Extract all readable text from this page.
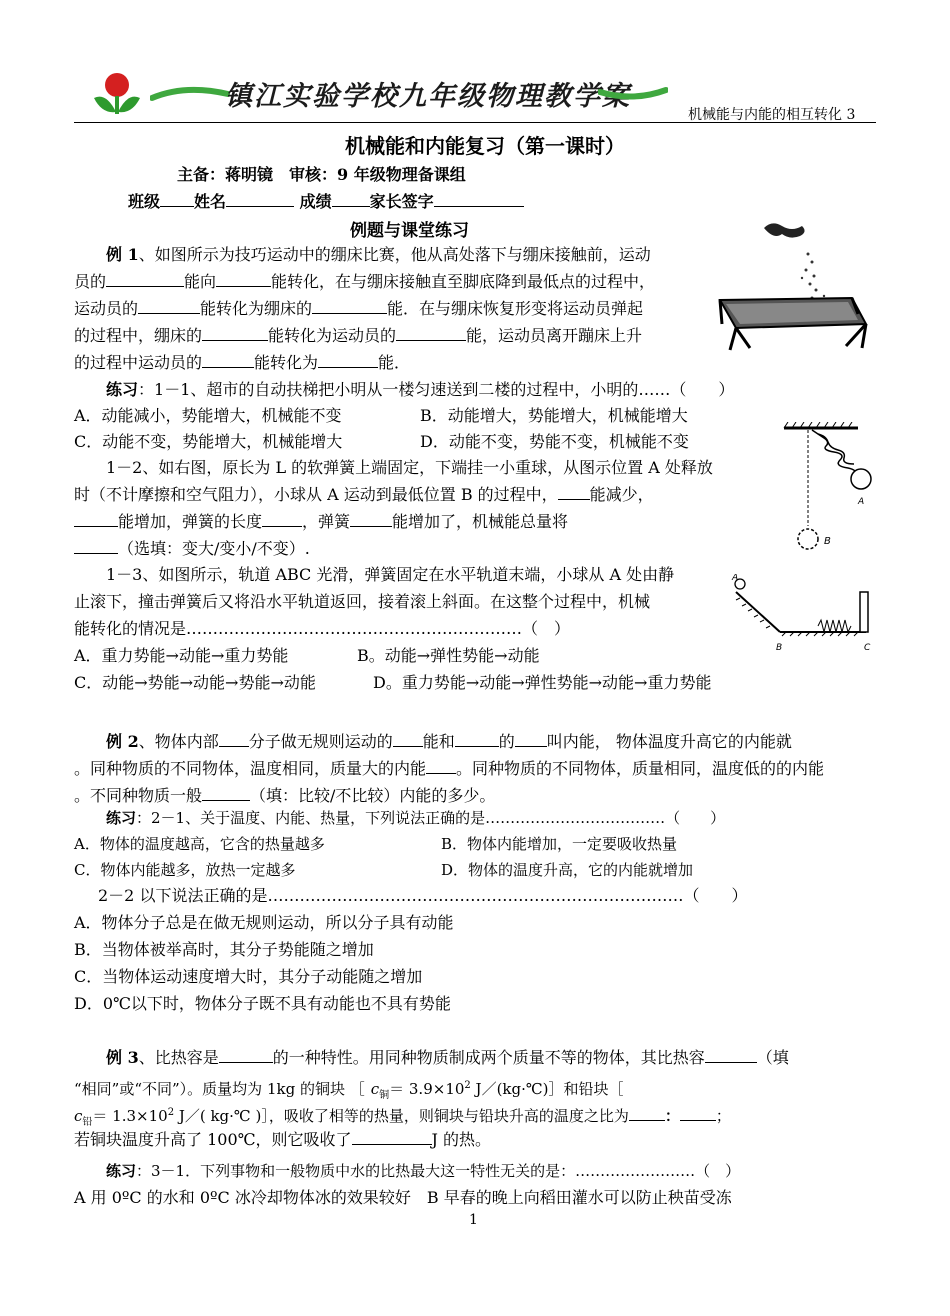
镇江实验学校九年级物理教学案
机械能与内能的相互转化 3
机械能和内能复习（第一课时）
主备：蒋明镜　审核：9 年级物理备课组
班级 姓名	成绩 家长签字
例题与课堂练习
例 1、如图所示为技巧运动中的绷床比赛，他从高处落下与绷床接触前，运动
员的	能向	能转化，在与绷床接触直至脚底降到最低点的过程中，
运动员的	能转化为绷床的	能．在与绷床恢复形变将运动员弹起
的过程中，绷床的	能转化为运动员的	能，运动员离开蹦床上升
的过程中运动员的	能转化为	能．
练习：1－1、超市的自动扶梯把小明从一楼匀速送到二楼的过程中，小明的……（　　）
A．动能减小，势能增大，机械能不变	B．动能增大，势能增大，机械能增大
C．动能不变，势能增大，机械能增大	D．动能不变，势能不变，机械能不变
1－2、如右图，原长为 L 的软弹簧上端固定，下端挂一小重球，从图示位置 A 处释放
时（不计摩擦和空气阻力），小球从 A 运动到最低位置 B 的过程中， 能减少，
能增加，弹簧的长度	，弹簧	能增加了，机械能总量将
（选填：变大/变小/不变）.
A
B
1－3、如图所示，轨道 ABC 光滑，弹簧固定在水平轨道末端，小球从 A 处由静
止滚下，撞击弹簧后又将沿水平轨道返回，接着滚上斜面。在这整个过程中，机械
能转化的情况是………………………………………………………（　）
A．重力势能→动能→重力势能	B。动能→弹性势能→动能
C．动能→势能→动能→势能→动能	D。重力势能→动能→弹性势能→动能→重力势能
A
B	C
例 2、物体内部 分子做无规则运动的 能和	的 叫内能， 物体温度升高它的内能就
。同种物质的不同物体，温度相同，质量大的内能 。同种物质的不同物体，质量相同，温度低的的内能
。不同种物质一般	（填：比较/不比较）内能的多少。
练习：2－1、关于温度、内能、热量，下列说法正确的是………………………………（　　）
A．物体的温度越高，它含的热量越多	B．物体内能增加，一定要吸收热量
C．物体内能越多，放热一定越多	D．物体的温度升高，它的内能就增加
2－2 以下说法正确的是……………………………………………………………………（　　）
A．物体分子总是在做无规则运动，所以分子具有动能
B．当物体被举高时，其分子势能随之增加
C．当物体运动速度增大时，其分子动能随之增加
D．0℃以下时，物体分子既不具有动能也不具有势能
例 3、比热容是	的一种特性。用同种物质制成两个质量不等的物体，其比热容	（填
“相同”或“不同”）。质量均为 1kg 的铜块 ［ $c_铜= 3.9\times 10^2$ J／(kg·℃)］和铅块［
$c_铅= 1.3\times 10^2$ J／( kg·℃ )］，吸收了相等的热量，则铜块与铅块升高的温度之比为 ： ；
若铜块温度升高了 100℃，则它吸收了	J 的热。
练习：3－1．下列事物和一般物质中水的比热最大这一特性无关的是：……………………（　）
A 用 0ºC 的水和 0ºC 冰冷却物体冰的效果较好　B 早春的晚上向稻田灌水可以防止秧苗受冻
1
